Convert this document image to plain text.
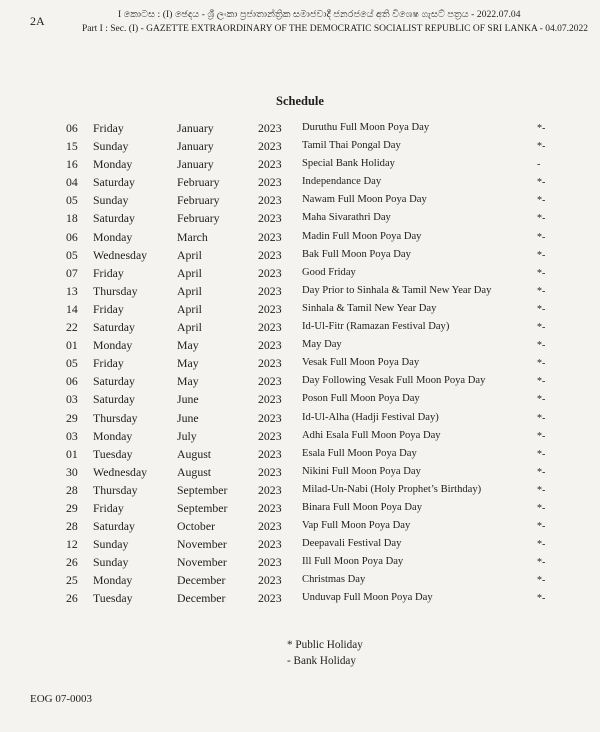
2A	I කොටස : (I) ඡෙදය - ශ්‍රී ලංකා ප්‍රජාතාන්ත්‍රික සමාජවාදී ජනරජයේ අති විශෙෂ ගැසට් පත්‍රය - 2022.07.04
Part I : Sec. (I) - GAZETTE EXTRAORDINARY OF THE DEMOCRATIC SOCIALIST REPUBLIC OF SRI LANKA - 04.07.2022
Schedule
06 Friday	January	2023 Duruthu Full Moon Poya Day	*-
15 Sunday	January	2023 Tamil Thai Pongal Day	*-
16 Monday	January	2023 Special Bank Holiday	-
04 Saturday	February	2023 Independance Day	*-
05 Sunday	February	2023 Nawam Full Moon Poya Day	*-
18 Saturday	February	2023 Maha Sivarathri Day	*-
06 Monday	March	2023 Madin Full Moon Poya Day	*-
05 Wednesday	April	2023 Bak Full Moon Poya Day	*-
07 Friday	April	2023 Good Friday	*-
13 Thursday	April	2023 Day Prior to Sinhala & Tamil New Year Day	*-
14 Friday	April	2023 Sinhala & Tamil New Year Day	*-
22 Saturday	April	2023 Id-Ul-Fitr (Ramazan Festival Day)	*-
01 Monday	May	2023 May Day	*-
05 Friday	May	2023 Vesak Full Moon Poya Day	*-
06 Saturday	May	2023 Day Following Vesak Full Moon Poya Day	*-
03 Saturday	June	2023 Poson Full Moon Poya Day	*-
29 Thursday	June	2023 Id-Ul-Alha (Hadji Festival Day)	*-
03 Monday	July	2023 Adhi Esala Full Moon Poya Day	*-
01 Tuesday	August	2023 Esala Full Moon Poya Day	*-
30 Wednesday	August	2023 Nikini Full Moon Poya Day	*-
28 Thursday	September	2023 Milad-Un-Nabi (Holy Prophet’s Birthday)	*-
29 Friday	September	2023 Binara Full Moon Poya Day	*-
28 Saturday	October	2023 Vap Full Moon Poya Day	*-
12 Sunday	November	2023 Deepavali Festival Day	*-
26 Sunday	November	2023 Ill Full Moon Poya Day	*-
25 Monday	December	2023 Christmas Day	*-
26 Tuesday	December	2023 Unduvap Full Moon Poya Day	*-
* Public Holiday
- Bank Holiday
EOG 07-0003
